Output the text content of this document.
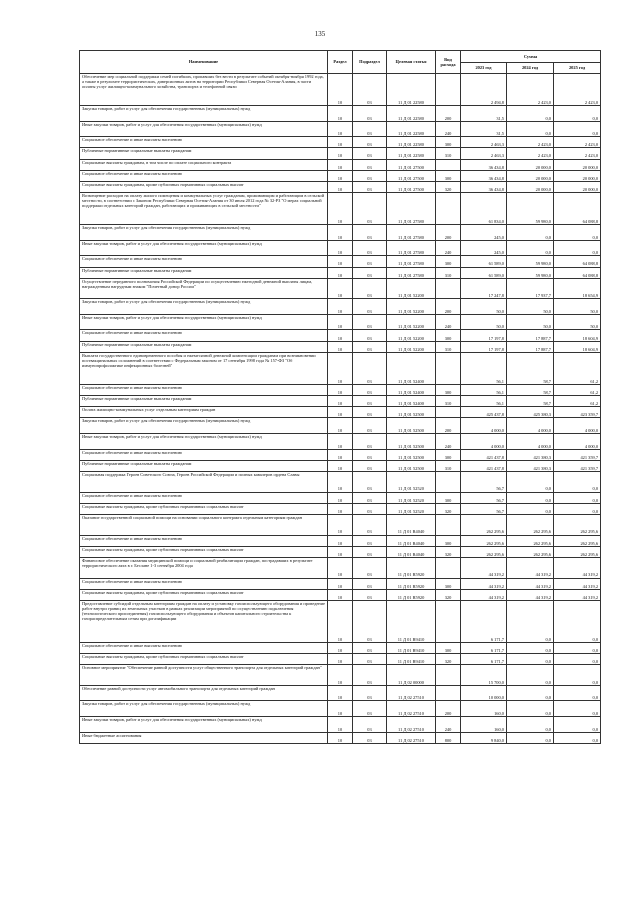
135
Наименование	Раздел	Подраздел	Целевая статья	Вид расхода	Сумма		
					2023 год	2024 год	2025 год
Обеспечение мер социальной поддержки семей погибших, пропавших без вести в результате событий октября-ноября 1992 года, а также в результате террористических, диверсионных актов на территории Республики Северная Осетия-Алания, в части оплаты услуг жилищно-коммунального хозяйства, транспорта и телефонной связи	10	03	11 Д 01 22580		2 494,8	2 423,0	2 423,0
Закупка товаров, работ и услуг для обеспечения государственных (муниципальных) нужд	10	03	11 Д 01 22580	200	31,5	0,0	0,0
Иные закупки товаров, работ и услуг для обеспечения государственных (муниципальных) нужд	10	03	11 Д 01 22580	240	31,5	0,0	0,0
Социальное обеспечение и иные выплаты населению	10	03	11 Д 01 22580	300	2 463,3	2 423,0	2 423,0
Публичные нормативные социальные выплаты гражданам	10	03	11 Д 01 22580	310	2 463,3	2 423,0	2 423,0
Социальные выплаты гражданам, в том числе по оплате социального контракта	10	03	11 Д 01 27500		36 434,8	20 000,0	20 000,0
Социальное обеспечение и иные выплаты населению	10	03	11 Д 01 27500	300	36 434,8	20 000,0	20 000,0
Социальные выплаты гражданам, кроме публичных нормативных социальных выплат	10	03	11 Д 01 27500	320	36 434,8	20 000,0	20 000,0
Возмещение расходов на оплату жилого помещения и коммунальных услуг гражданам, проживающим и работающим в сельской местности, в соответствии с Законом Республики Северная Осетия-Алания от 30 июля 2012 года № 32-РЗ "О мерах социальной поддержки отдельных категорий граждан, работающих и проживающих в сельской местности"	10	03	11 Д 01 27580		61 834,0	59 980,0	64 088,8
Закупка товаров, работ и услуг для обеспечения государственных (муниципальных) нужд	10	03	11 Д 01 27580	200	245,0	0,0	0,0
Иные закупки товаров, работ и услуг для обеспечения государственных (муниципальных) нужд	10	03	11 Д 01 27580	240	245,0	0,0	0,0
Социальное обеспечение и иные выплаты населению	10	03	11 Д 01 27580	300	61 589,0	59 980,0	64 088,8
Публичные нормативные социальные выплаты гражданам	10	03	11 Д 01 27580	310	61 589,0	59 980,0	64 088,8
Осуществление переданного полномочия Российской Федерации по осуществлению ежегодной денежной выплаты лицам, награжденным нагрудным знаком "Почетный донор России"	10	03	11 Д 01 52200		17 247,8	17 937,7	18 654,9
Закупка товаров, работ и услуг для обеспечения государственных (муниципальных) нужд	10	03	11 Д 01 52200	200	50,0	50,0	50,0
Иные закупки товаров, работ и услуг для обеспечения государственных (муниципальных) нужд	10	03	11 Д 01 52200	240	50,0	50,0	50,0
Социальное обеспечение и иные выплаты населению	10	03	11 Д 01 52200	300	17 197,8	17 887,7	18 604,9
Публичные нормативные социальные выплаты гражданам	10	03	11 Д 01 52200	310	17 197,8	17 887,7	18 604,9
Выплата государственного единовременного пособия и ежемесячной денежной компенсации гражданам при возникновении поствакцинальных осложнений в соответствии с Федеральным законом от 17 сентября 1998 года № 157-ФЗ "Об иммунопрофилактике инфекционных болезней"	10	03	11 Д 01 52400		56,1	58,7	61,2
Социальное обеспечение и иные выплаты населению	10	03	11 Д 01 52400	300	56,1	58,7	61,2
Публичные нормативные социальные выплаты гражданам	10	03	11 Д 01 52400	310	56,1	58,7	61,2
Оплата жилищно-коммунальных услуг отдельным категориям граждан	10	03	11 Д 01 52500		425 437,8	425 380,3	423 359,7
Закупка товаров, работ и услуг для обеспечения государственных (муниципальных) нужд	10	03	11 Д 01 52500	200	4 000,0	4 000,0	4 000,0
Иные закупки товаров, работ и услуг для обеспечения государственных (муниципальных) нужд	10	03	11 Д 01 52500	240	4 000,0	4 000,0	4 000,0
Социальное обеспечение и иные выплаты населению	10	03	11 Д 01 52500	300	421 437,8	421 380,3	421 359,7
Публичные нормативные социальные выплаты гражданам	10	03	11 Д 01 52500	310	421 437,8	421 380,3	421 359,7
Социальная поддержка Героев Советского Союза, Героев Российской Федерации и полных кавалеров ордена Славы	10	03	11 Д 01 52520		56,7	0,0	0,0
Социальное обеспечение и иные выплаты населению	10	03	11 Д 01 52520	300	56,7	0,0	0,0
Социальные выплаты гражданам, кроме публичных нормативных социальных выплат	10	03	11 Д 01 52520	320	56,7	0,0	0,0
Оказание государственной социальной помощи на основании социального контракта отдельным категориям граждан	10	03	11 Д 01 R4040		262 295,6	262 295,6	262 295,6
Социальное обеспечение и иные выплаты населению	10	03	11 Д 01 R4040	300	262 295,6	262 295,6	262 295,6
Социальные выплаты гражданам, кроме публичных нормативных социальных выплат	10	03	11 Д 01 R4040	320	262 295,6	262 295,6	262 295,6
Финансовое обеспечение оказания медицинской помощи и социальной реабилитации граждан, пострадавших в результате террористического акта в г. Беслане 1-3 сентября 2004 года	10	03	11 Д 01 R5920		44 319,2	44 319,2	44 319,2
Социальное обеспечение и иные выплаты населению	10	03	11 Д 01 R5920	300	44 319,2	44 319,2	44 319,2
Социальные выплаты гражданам, кроме публичных нормативных социальных выплат	10	03	11 Д 01 R5920	320	44 319,2	44 319,2	44 319,2
Предоставление субсидий отдельным категориям граждан на оплату и установку газоиспользующего оборудования и проведение работ внутри границ их земельных участков в рамках реализации мероприятий по осуществлению подключения (технологического присоединения) газоиспользующего оборудования и объектов капитального строительства к газораспределительным сетям при догазификации	10	03	11 Д 01 R9410		6 171,7	0,0	0,0
Социальное обеспечение и иные выплаты населению	10	03	11 Д 01 R9410	300	6 171,7	0,0	0,0
Социальные выплаты гражданам, кроме публичных нормативных социальных выплат	10	03	11 Д 01 R9410	320	6 171,7	0,0	0,0
Основное мероприятие "Обеспечение равной доступности услуг общественного транспорта для отдельных категорий граждан"	10	03	11 Д 02 00000		15 700,0	0,0	0,0
Обеспечение равной доступности услуг автомобильного транспорта для отдельных категорий граждан	10	03	11 Д 02 27510		10 000,0	0,0	0,0
Закупка товаров, работ и услуг для обеспечения государственных (муниципальных) нужд	10	03	11 Д 02 27510	200	160,0	0,0	0,0
Иные закупки товаров, работ и услуг для обеспечения государственных (муниципальных) нужд	10	03	11 Д 02 27510	240	160,0	0,0	0,0
Иные бюджетные ассигнования	10	03	11 Д 02 27510	800	9 840,0	0,0	0,0
